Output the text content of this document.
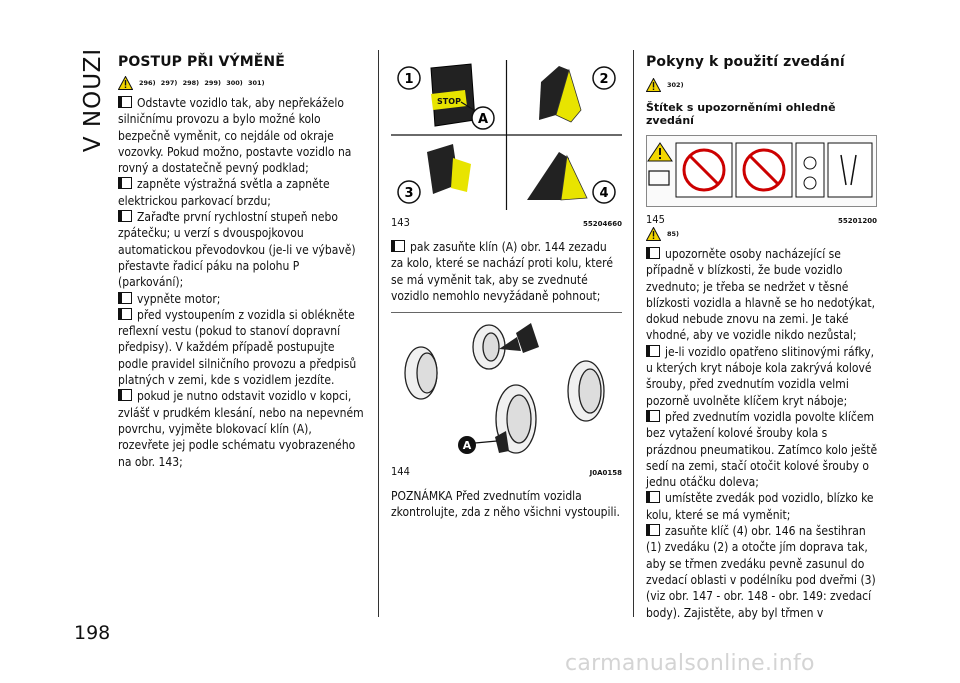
V NOUZI
198
POSTUP PŘI VÝMĚNĚ
296) 297) 298) 299) 300) 301)

Odstavte vozidlo tak, aby nepřekáželo silničnímu provozu a bylo možné kolo bezpečně vyměnit, co nejdále od okraje vozovky. Pokud možno, postavte vozidlo na rovný a dostatečně pevný podklad;

zapněte výstražná světla a zapněte elektrickou parkovací brzdu;

Zařaďte první rychlostní stupeň nebo zpátečku; u verzí s dvouspojkovou automatickou převodovkou (je-li ve výbavě) přestavte řadicí páku na polohu P (parkování);

vypněte motor;

před vystoupením z vozidla si oblékněte reflexní vestu (pokud to stanoví dopravní předpisy). V každém případě postupujte podle pravidel silničního provozu a předpisů platných v zemi, kde s vozidlem jezdíte.

pokud je nutno odstavit vozidlo v kopci, zvlášť v prudkém klesání, nebo na nepevném povrchu, vyjměte blokovací klín (A), rozevřete jej podle schématu vyobrazeného na obr. 143;

STOP
1
A
2
3	4
143	55204660

pak zasuňte klín (A) obr. 144 zezadu za kolo, které se nachází proti kolu, které se má vyměnit tak, aby se zvednuté vozidlo nemohlo nevyžádaně pohnout;

A
144	J0A0158

POZNÁMKA Před zvednutím vozidla zkontrolujte, zda z něho všichni vystoupili.

Pokyny k použití zvedání
302)
Štítek s upozorněními ohledně zvedání
145	55201200
85)

upozorněte osoby nacházející se případně v blízkosti, že bude vozidlo zvednuto; je třeba se nedržet v těsné blízkosti vozidla a hlavně se ho nedotýkat, dokud nebude znovu na zemi. Je také vhodné, aby ve vozidle nikdo nezůstal;

je-li vozidlo opatřeno slitinovými ráfky, u kterých kryt náboje kola zakrývá kolové šrouby, před zvednutím vozidla velmi pozorně uvolněte klíčem kryt náboje;

před zvednutím vozidla povolte klíčem bez vytažení kolové šrouby kola s prázdnou pneumatikou. Zatímco kolo ještě sedí na zemi, stačí otočit kolové šrouby o jednu otáčku doleva;

umístěte zvedák pod vozidlo, blízko ke kolu, které se má vyměnit;

zasuňte klíč (4) obr. 146 na šestihran (1) zvedáku (2) a otočte jím doprava tak, aby se třmen zvedáku pevně zasunul do zvedací oblasti v podélníku pod dveřmi (3) (viz obr. 147 - obr. 148 - obr. 149: zvedací body). Zajistěte, aby byl třmen v

carmanualsonline.info
